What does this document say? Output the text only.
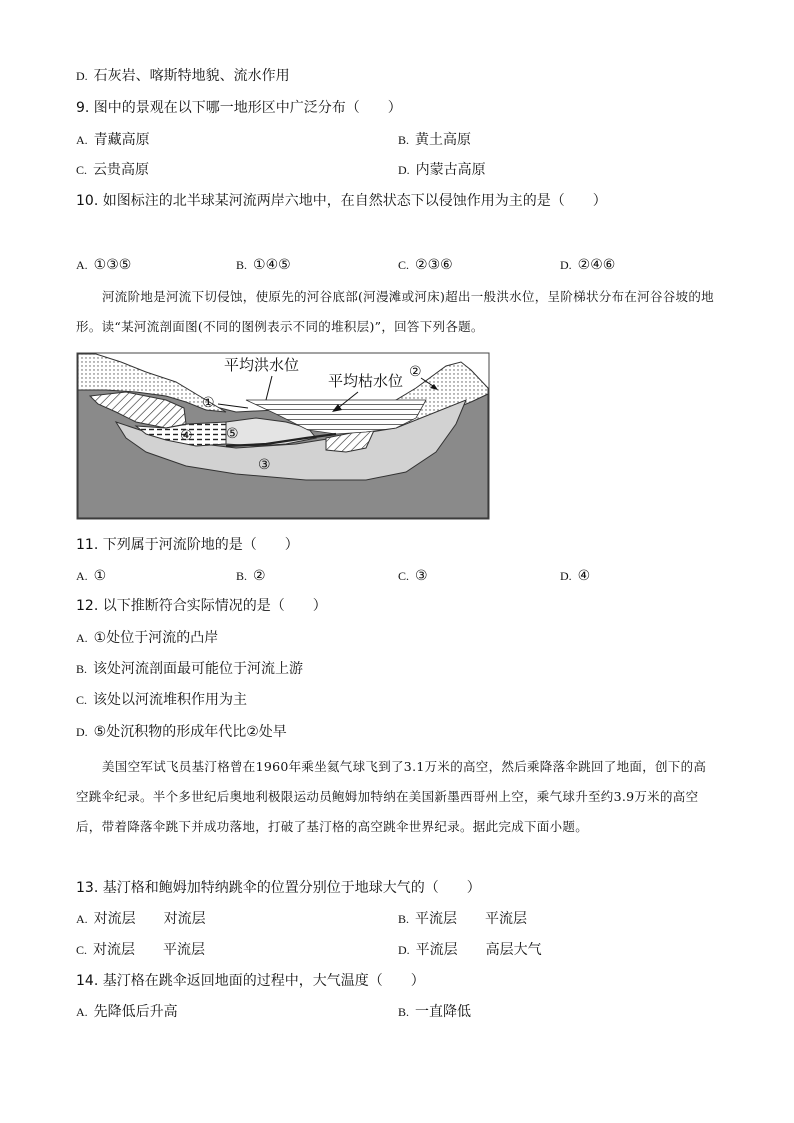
D. 石灰岩、喀斯特地貌、流水作用
9. 图中的景观在以下哪一地形区中广泛分布（　　）
A. 青藏高原	B. 黄土高原
C. 云贵高原	D. 内蒙古高原
10. 如图标注的北半球某河流两岸六地中，在自然状态下以侵蚀作用为主的是（　　）
A. ①③⑤	B. ①④⑤	C. ②③⑥	D. ②④⑥
河流阶地是河流下切侵蚀，使原先的河谷底部(河漫滩或河床)超出一般洪水位，呈阶梯状分布在河谷谷坡的地形。读“某河流剖面图(不同的图例表示不同的堆积层)”，回答下列各题。
平均洪水位
平均枯水位 ②
①
④ ⑤
③
11. 下列属于河流阶地的是（　　）
A. ①	B. ②	C. ③	D. ④
12. 以下推断符合实际情况的是（　　）
A. ①处位于河流的凸岸
B. 该处河流剖面最可能位于河流上游
C. 该处以河流堆积作用为主
D. ⑤处沉积物的形成年代比②处早
美国空军试飞员基汀格曾在1960年乘坐氦气球飞到了3.1万米的高空，然后乘降落伞跳回了地面，创下的高空跳伞纪录。半个多世纪后奥地利极限运动员鲍姆加特纳在美国新墨西哥州上空，乘气球升至约3.9万米的高空后，带着降落伞跳下并成功落地，打破了基汀格的高空跳伞世界纪录。据此完成下面小题。
13. 基汀格和鲍姆加特纳跳伞的位置分别位于地球大气的（　　）
A. 对流层　　对流层	B. 平流层　　平流层
C. 对流层　　平流层	D. 平流层　　高层大气
14. 基汀格在跳伞返回地面的过程中，大气温度（　　）
A. 先降低后升高	B. 一直降低
